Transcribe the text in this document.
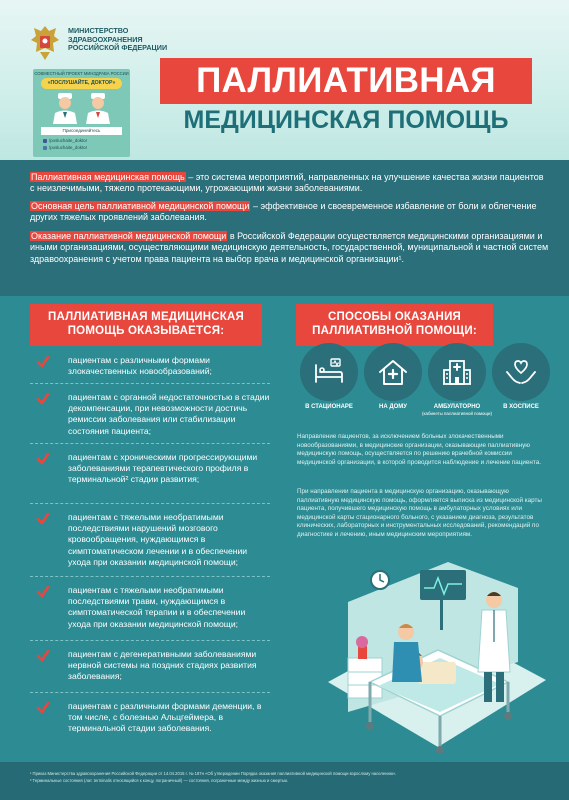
МИНИСТЕРСТВО
ЗДРАВООХРАНЕНИЯ
РОССИЙСКОЙ ФЕДЕРАЦИИ
СОВМЕСТНЫЙ ПРОЕКТ МИНЗДРАВА РОССИИ
«ПОСЛУШАЙТЕ, ДОКТОР»
Присоединяйтесь
/posluchaite_doktor
/posluchaite_doktor
ПАЛЛИАТИВНАЯ
МЕДИЦИНСКАЯ ПОМОЩЬ

Паллиативная медицинская помощь – это система мероприятий, направленных на улучшение качества жизни пациентов с неизлечимыми, тяжело протекающими, угрожающими жизни заболеваниями.

Основная цель паллиативной медицинской помощи – эффективное и своевременное избавление от боли и облегчение других тяжелых проявлений заболевания.

Оказание паллиативной медицинской помощи в Российской Федерации осуществляется медицинскими организациями и иными организациями, осуществляющими медицинскую деятельность, государственной, муниципальной и частной систем здравоохранения с учетом права пациента на выбор врача и медицинской организации¹.

ПАЛЛИАТИВНАЯ МЕДИЦИНСКАЯ
ПОМОЩЬ ОКАЗЫВАЕТСЯ:
пациентам с различными формами злокачественных новообразований;
пациентам с органной недостаточностью в стадии декомпенсации, при невозможности достичь ремиссии заболевания или стабилизации состояния пациента;
пациентам с хроническими прогрессирующими заболеваниями терапевтического профиля в терминальной² стадии развития;
пациентам с тяжелыми необратимыми последствиями нарушений мозгового кровообращения, нуждающимся в симптоматическом лечении и в обеспечении ухода при оказании медицинской помощи;
пациентам с тяжелыми необратимыми последствиями травм, нуждающимся в симптоматической терапии и в обеспечении ухода при оказании медицинской помощи;
пациентам с дегенеративными заболеваниями нервной системы на поздних стадиях развития заболевания;
пациентам с различными формами деменции, в том числе, с болезнью Альцгеймера, в терминальной стадии заболевания.
СПОСОБЫ ОКАЗАНИЯ
ПАЛЛИАТИВНОЙ ПОМОЩИ:
В СТАЦИОНАРЕ	НА ДОМУ	АМБУЛАТОРНО
(кабинеты паллиативной помощи)
В ХОСПИСЕ
Направление пациентов, за исключением больных злокачественными новообразованиями, в медицинские организации, оказывающие паллиативную медицинскую помощь, осуществляется по решению врачебной комиссии медицинской организации, в которой проводится наблюдение и лечение пациента.
При направлении пациента в медицинскую организацию, оказывающую паллиативную медицинскую помощь, оформляется выписка из медицинской карты пациента, получившего медицинскую помощь в амбулаторных условиях или медицинской карты стационарного больного, с указанием диагноза, результатов клинических, лабораторных и инструментальных исследований, рекомендаций по диагностике и лечению, иным медицинским мероприятиям.

¹ Приказ Министерства здравоохранения Российской Федерации от 14.04.2015 г. № 187н «Об утверждении Порядка оказания паллиативной медицинской помощи взрослому населению».

² Терминальные состояния (лат. terminalis относящийся к концу, пограничный) — состояния, пограничные между жизнью и смертью.
